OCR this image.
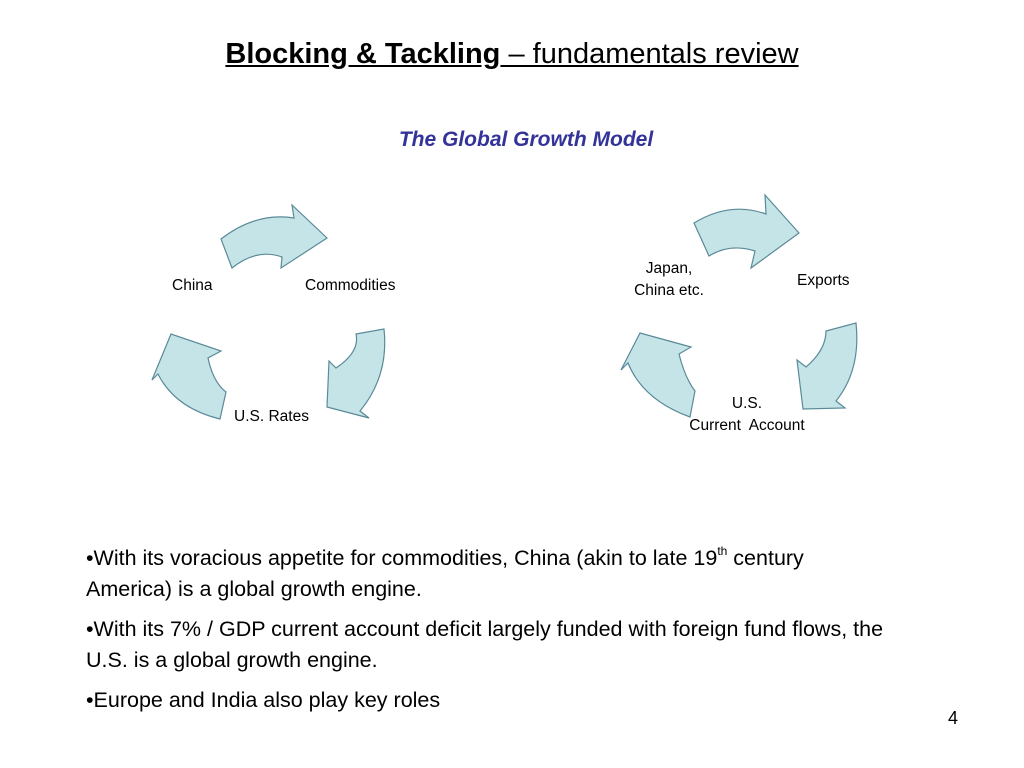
Blocking & Tackling – fundamentals review
The Global Growth Model
China	Commodities
U.S. Rates
Japan,
China etc.
Exports
U.S.
Current  Account
•With its voracious appetite for commodities, China (akin to late 19th century America) is a global growth engine.
•With its 7% / GDP current account deficit largely funded with foreign fund flows, the U.S. is a global growth engine.
•Europe and India also play key roles
4
